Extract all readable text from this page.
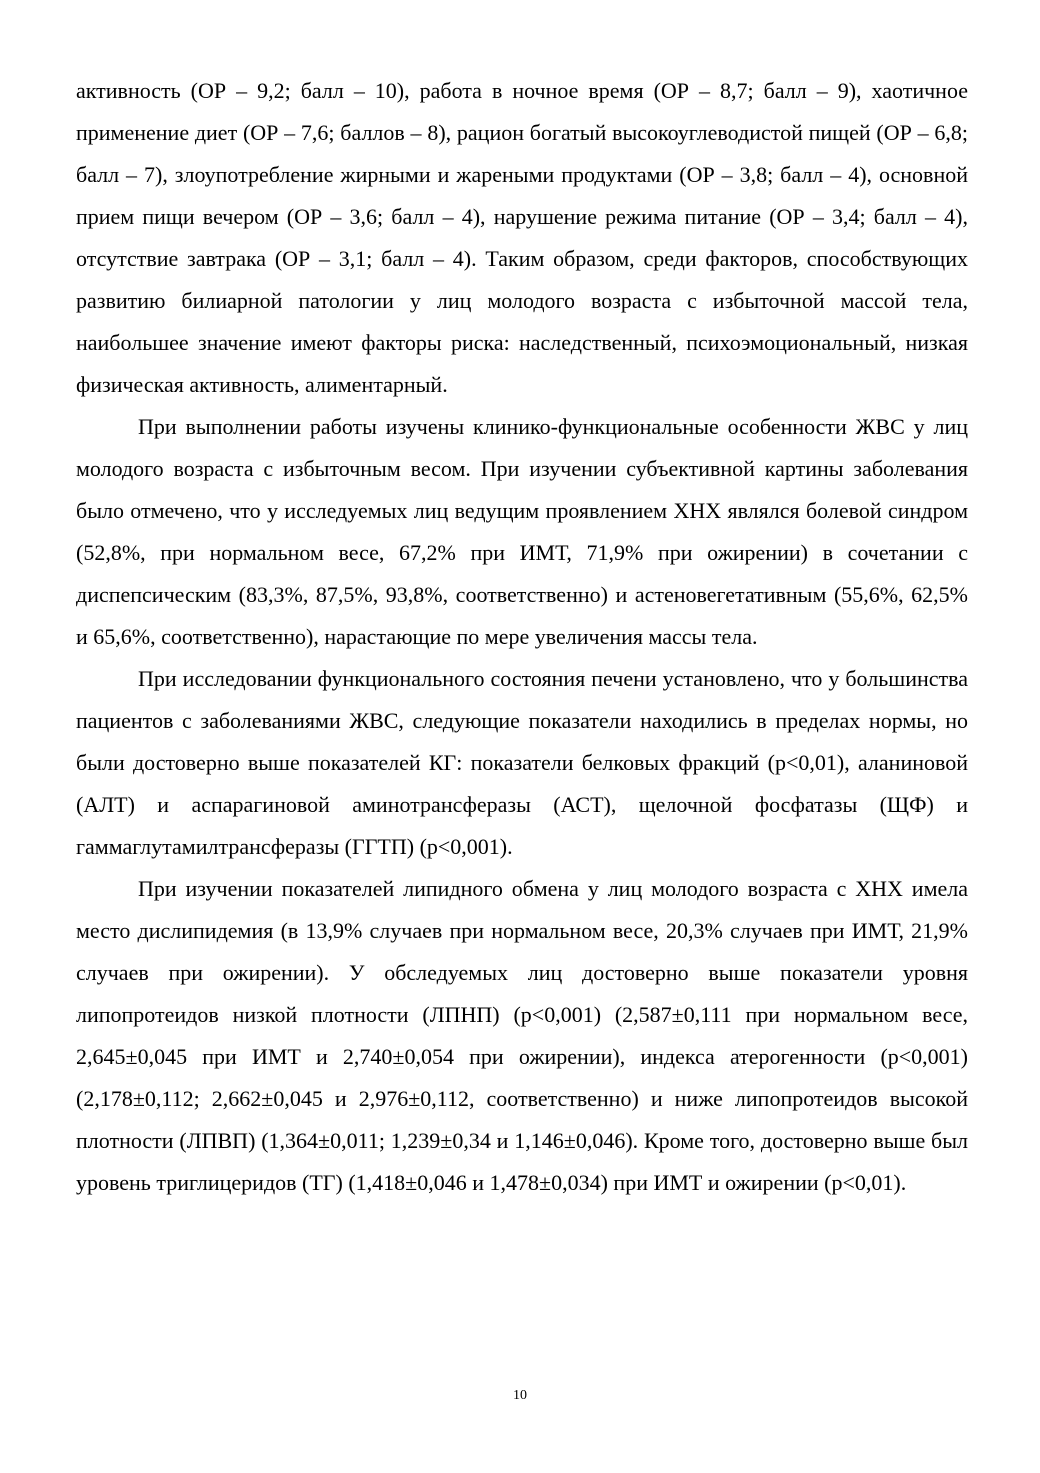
активность (ОР – 9,2; балл – 10), работа в ночное время (ОР – 8,7; балл – 9), хаотичное применение диет (ОР – 7,6; баллов – 8), рацион богатый высокоуглеводистой пищей (ОР – 6,8; балл – 7), злоупотребление жирными и жареными продуктами (ОР – 3,8; балл – 4), основной прием пищи вечером (ОР – 3,6; балл – 4), нарушение режима питание (ОР – 3,4; балл – 4), отсутствие завтрака (ОР – 3,1; балл – 4). Таким образом, среди факторов, способствующих развитию билиарной патологии у лиц молодого возраста с избыточной массой тела, наибольшее значение имеют факторы риска: наследственный, психоэмоциональный, низкая физическая активность, алиментарный.

При выполнении работы изучены клинико-функциональные особенности ЖВС у лиц молодого возраста с избыточным весом. При изучении субъективной картины заболевания было отмечено, что у исследуемых лиц ведущим проявлением ХНХ являлся болевой синдром (52,8%, при нормальном весе, 67,2% при ИМТ, 71,9% при ожирении) в сочетании с диспепсическим (83,3%, 87,5%, 93,8%, соответственно) и астеновегетативным (55,6%, 62,5% и 65,6%, соответственно), нарастающие по мере увеличения массы тела.

При исследовании функционального состояния печени установлено, что у большинства пациентов с заболеваниями ЖВС, следующие показатели находились в пределах нормы, но были достоверно выше показателей КГ: показатели белковых фракций (p<0,01), аланиновой (АЛТ) и аспарагиновой аминотрансферазы (АСТ), щелочной фосфатазы (ЩФ) и гаммаглутамилтрансферазы (ГГТП) (p<0,001).

При изучении показателей липидного обмена у лиц молодого возраста с ХНХ имела место дислипидемия (в 13,9% случаев при нормальном весе, 20,3% случаев при ИМТ, 21,9% случаев при ожирении). У обследуемых лиц достоверно выше показатели уровня липопротеидов низкой плотности (ЛПНП) (p<0,001) (2,587±0,111 при нормальном весе, 2,645±0,045 при ИМТ и 2,740±0,054 при ожирении), индекса атерогенности (p<0,001) (2,178±0,112; 2,662±0,045 и 2,976±0,112, соответственно) и ниже липопротеидов высокой плотности (ЛПВП) (1,364±0,011; 1,239±0,34 и 1,146±0,046). Кроме того, достоверно выше был уровень триглицеридов (ТГ) (1,418±0,046 и 1,478±0,034) при ИМТ и ожирении (p<0,01).

10
